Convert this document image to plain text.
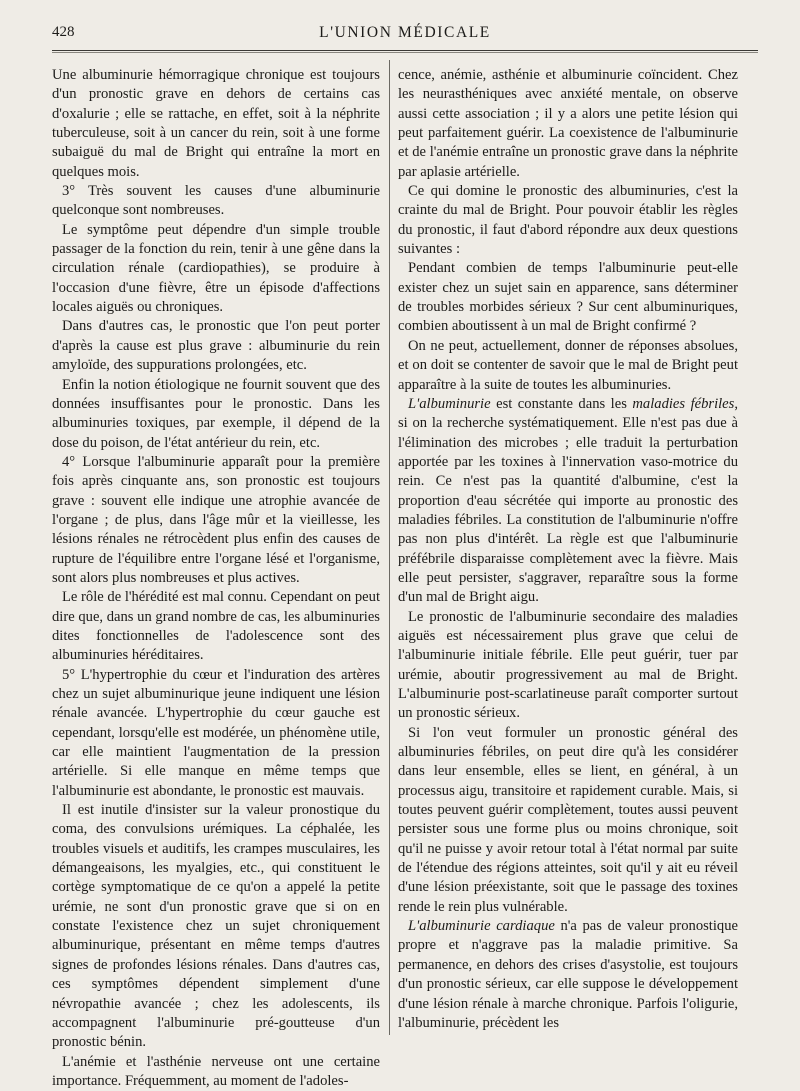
428	L'UNION MÉDICALE

Une albuminurie hémorragique chronique est toujours d'un pronostic grave en dehors de certains cas d'oxalurie ; elle se rattache, en effet, soit à la néphrite tuberculeuse, soit à un cancer du rein, soit à une forme subaiguë du mal de Bright qui entraîne la mort en quelques mois.

3° Très souvent les causes d'une albuminurie quelconque sont nombreuses.

Le symptôme peut dépendre d'un simple trouble passager de la fonction du rein, tenir à une gêne dans la circulation rénale (cardiopathies), se produire à l'occasion d'une fièvre, être un épisode d'affections locales aiguës ou chroniques.

Dans d'autres cas, le pronostic que l'on peut porter d'après la cause est plus grave : albuminurie du rein amyloïde, des suppurations prolongées, etc.

Enfin la notion étiologique ne fournit souvent que des données insuffisantes pour le pronostic. Dans les albuminuries toxiques, par exemple, il dépend de la dose du poison, de l'état antérieur du rein, etc.

4° Lorsque l'albuminurie apparaît pour la première fois après cinquante ans, son pronostic est toujours grave : souvent elle indique une atrophie avancée de l'organe ; de plus, dans l'âge mûr et la vieillesse, les lésions rénales ne rétrocèdent plus enfin des causes de rupture de l'équilibre entre l'organe lésé et l'organisme, sont alors plus nombreuses et plus actives.

Le rôle de l'hérédité est mal connu. Cependant on peut dire que, dans un grand nombre de cas, les albuminuries dites fonctionnelles de l'adolescence sont des albuminuries héréditaires.

5° L'hypertrophie du cœur et l'induration des artères chez un sujet albuminurique jeune indiquent une lésion rénale avancée. L'hypertrophie du cœur gauche est cependant, lorsqu'elle est modérée, un phénomène utile, car elle maintient l'augmentation de la pression artérielle. Si elle manque en même temps que l'albuminurie est abondante, le pronostic est mauvais.

Il est inutile d'insister sur la valeur pronostique du coma, des convulsions urémiques. La céphalée, les troubles visuels et auditifs, les crampes musculaires, les démangeaisons, les myalgies, etc., qui constituent le cortège symptomatique de ce qu'on a appelé la petite urémie, ne sont d'un pronostic grave que si on en constate l'existence chez un sujet chroniquement albuminurique, présentant en même temps d'autres signes de profondes lésions rénales. Dans d'autres cas, ces symptômes dépendent simplement d'une névropathie avancée ; chez les adolescents, ils accompagnent l'albuminurie pré-goutteuse d'un pronostic bénin.

L'anémie et l'asthénie nerveuse ont une certaine importance. Fréquemment, au moment de l'adoles-

cence, anémie, asthénie et albuminurie coïncident. Chez les neurasthéniques avec anxiété mentale, on observe aussi cette association ; il y a alors une petite lésion qui peut parfaitement guérir. La coexistence de l'albuminurie et de l'anémie entraîne un pronostic grave dans la néphrite par aplasie artérielle.

Ce qui domine le pronostic des albuminuries, c'est la crainte du mal de Bright. Pour pouvoir établir les règles du pronostic, il faut d'abord répondre aux deux questions suivantes :

Pendant combien de temps l'albuminurie peut-elle exister chez un sujet sain en apparence, sans déterminer de troubles morbides sérieux ? Sur cent albuminuriques, combien aboutissent à un mal de Bright confirmé ?

On ne peut, actuellement, donner de réponses absolues, et on doit se contenter de savoir que le mal de Bright peut apparaître à la suite de toutes les albuminuries.

L'albuminurie est constante dans les maladies fébriles, si on la recherche systématiquement. Elle n'est pas due à l'élimination des microbes ; elle traduit la perturbation apportée par les toxines à l'innervation vaso-motrice du rein. Ce n'est pas la quantité d'albumine, c'est la proportion d'eau sécrétée qui importe au pronostic des maladies fébriles. La constitution de l'albuminurie n'offre pas non plus d'intérêt. La règle est que l'albuminurie préfébrile disparaisse complètement avec la fièvre. Mais elle peut persister, s'aggraver, reparaître sous la forme d'un mal de Bright aigu.

Le pronostic de l'albuminurie secondaire des maladies aiguës est nécessairement plus grave que celui de l'albuminurie initiale fébrile. Elle peut guérir, tuer par urémie, aboutir progressivement au mal de Bright. L'albuminurie post-scarlatineuse paraît comporter surtout un pronostic sérieux.

Si l'on veut formuler un pronostic général des albuminuries fébriles, on peut dire qu'à les considérer dans leur ensemble, elles se lient, en général, à un processus aigu, transitoire et rapidement curable. Mais, si toutes peuvent guérir complètement, toutes aussi peuvent persister sous une forme plus ou moins chronique, soit qu'il ne puisse y avoir retour total à l'état normal par suite de l'étendue des régions atteintes, soit qu'il y ait eu réveil d'une lésion préexistante, soit que le passage des toxines rende le rein plus vulnérable.

L'albuminurie cardiaque n'a pas de valeur pronostique propre et n'aggrave pas la maladie primitive. Sa permanence, en dehors des crises d'asystolie, est toujours d'un pronostic sérieux, car elle suppose le développement d'une lésion rénale à marche chronique. Parfois l'oligurie, l'albuminurie, précèdent les
